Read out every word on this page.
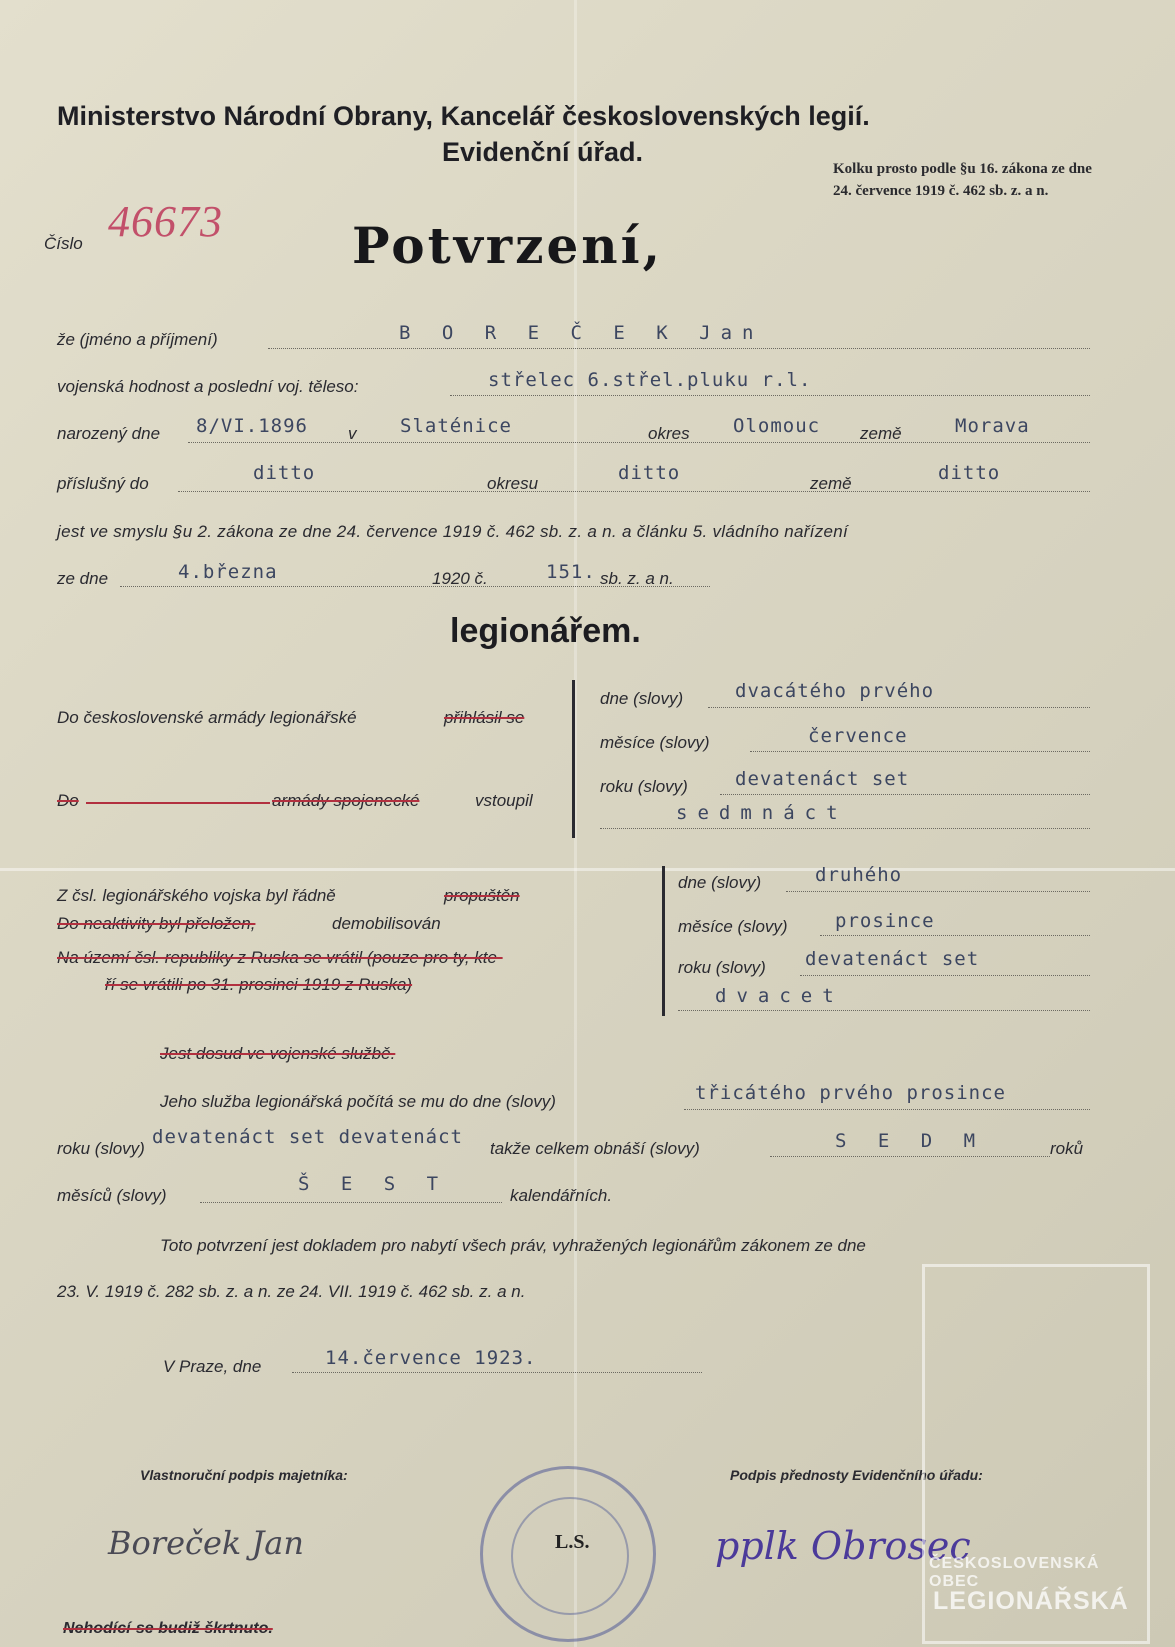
Ministerstvo Národní Obrany, Kancelář československých legií.
Evidenční úřad.
Kolku prosto podle §u 16. zákona ze dne 24. července 1919 č. 462 sb. z. a n.
Číslo 46673	Potvrzení,
že (jméno a příjmení)	B O R E Č E K Jan
vojenská hodnost a poslední voj. těleso:	střelec 6.střel.pluku r.l.
narozený dne 8/VI.1896 v Slaténice	okres Olomouc země	Morava
příslušný do	ditto	okresu	ditto	země	ditto
jest ve smyslu §u 2. zákona ze dne 24. července 1919 č. 462 sb. z. a n. a článku 5. vládního nařízení
ze dne	4.března	1920 č.	151. sb. z. a n.
legionářem.
Do československé armády legionářské	přihlásil se
Do	armády spojenecké	vstoupil
dne (slovy)	dvacátého prvého
měsíce (slovy)	července
roku (slovy) devatenáct set
sedmnáct
Z čsl. legionářského vojska byl řádně	propuštěn
Do neaktivity byl přeložen,	demobilisován
Na území čsl. republiky z Ruska se vrátil (pouze pro ty, kte-
ří se vrátili po 31. prosinci 1919 z Ruska)
dne (slovy)	druhého
měsíce (slovy) prosince
roku (slovy) devatenáct set
dvacet
Jest dosud ve vojenské službě.
Jeho služba legionářská počítá se mu do dne (slovy)	třicátého prvého prosince
roku (slovy)
devatenáct set devatenáct
takže celkem obnáší (slovy)	S E D M	roků
měsíců (slovy)
Š E S T
kalendářních.
Toto potvrzení jest dokladem pro nabytí všech práv, vyhražených legionářům zákonem ze dne
23. V. 1919 č. 282 sb. z. a n. ze 24. VII. 1919 č. 462 sb. z. a n.
V Praze, dne	14.července 1923.
Vlastnoruční podpis majetníka:	Podpis přednosty Evidenčního úřadu:
Boreček Jan	pplk Obrosec
L.S.
Nehodící-se budiž škrtnuto.
ČESKOSLOVENSKÁ OBEC
LEGIONÁŘSKÁ
